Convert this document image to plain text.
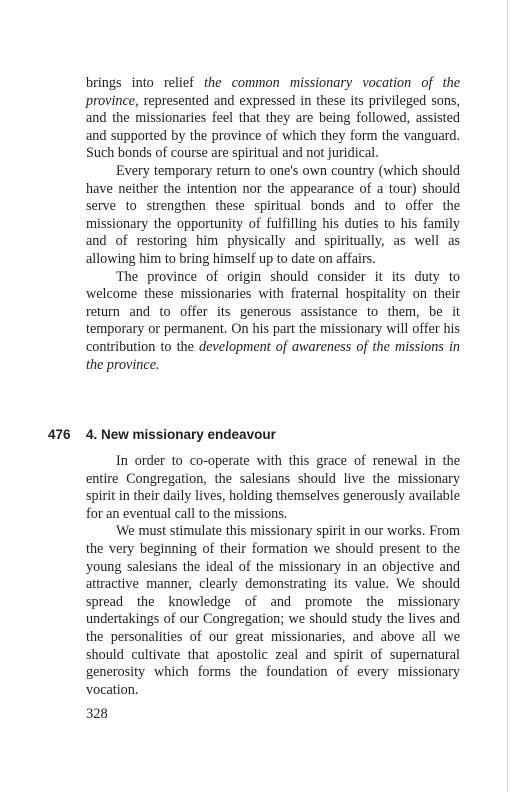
brings into relief the common missionary vocation of the province, represented and expressed in these its privileged sons, and the missionaries feel that they are being followed, assisted and supported by the province of which they form the vanguard. Such bonds of course are spiritual and not juridical.

Every temporary return to one's own country (which should have neither the intention nor the appearance of a tour) should serve to strengthen these spiritual bonds and to offer the missionary the opportunity of fulfilling his duties to his family and of restoring him physically and spiritually, as well as allowing him to bring himself up to date on affairs.

The province of origin should consider it its duty to welcome these missionaries with fraternal hospitality on their return and to offer its generous assistance to them, be it temporary or permanent. On his part the missionary will offer his contribution to the development of awareness of the missions in the province.

476 4. New missionary endeavour

In order to co-operate with this grace of renewal in the entire Congregation, the salesians should live the missionary spirit in their daily lives, holding themselves generously available for an eventual call to the missions.

We must stimulate this missionary spirit in our works. From the very beginning of their formation we should present to the young salesians the ideal of the missionary in an objective and attractive manner, clearly demonstrating its value. We should spread the knowledge of and promote the missionary undertakings of our Congregation; we should study the lives and the personalities of our great missionaries, and above all we should cultivate that apostolic zeal and spirit of supernatural generosity which forms the foundation of every missionary vocation.

328
